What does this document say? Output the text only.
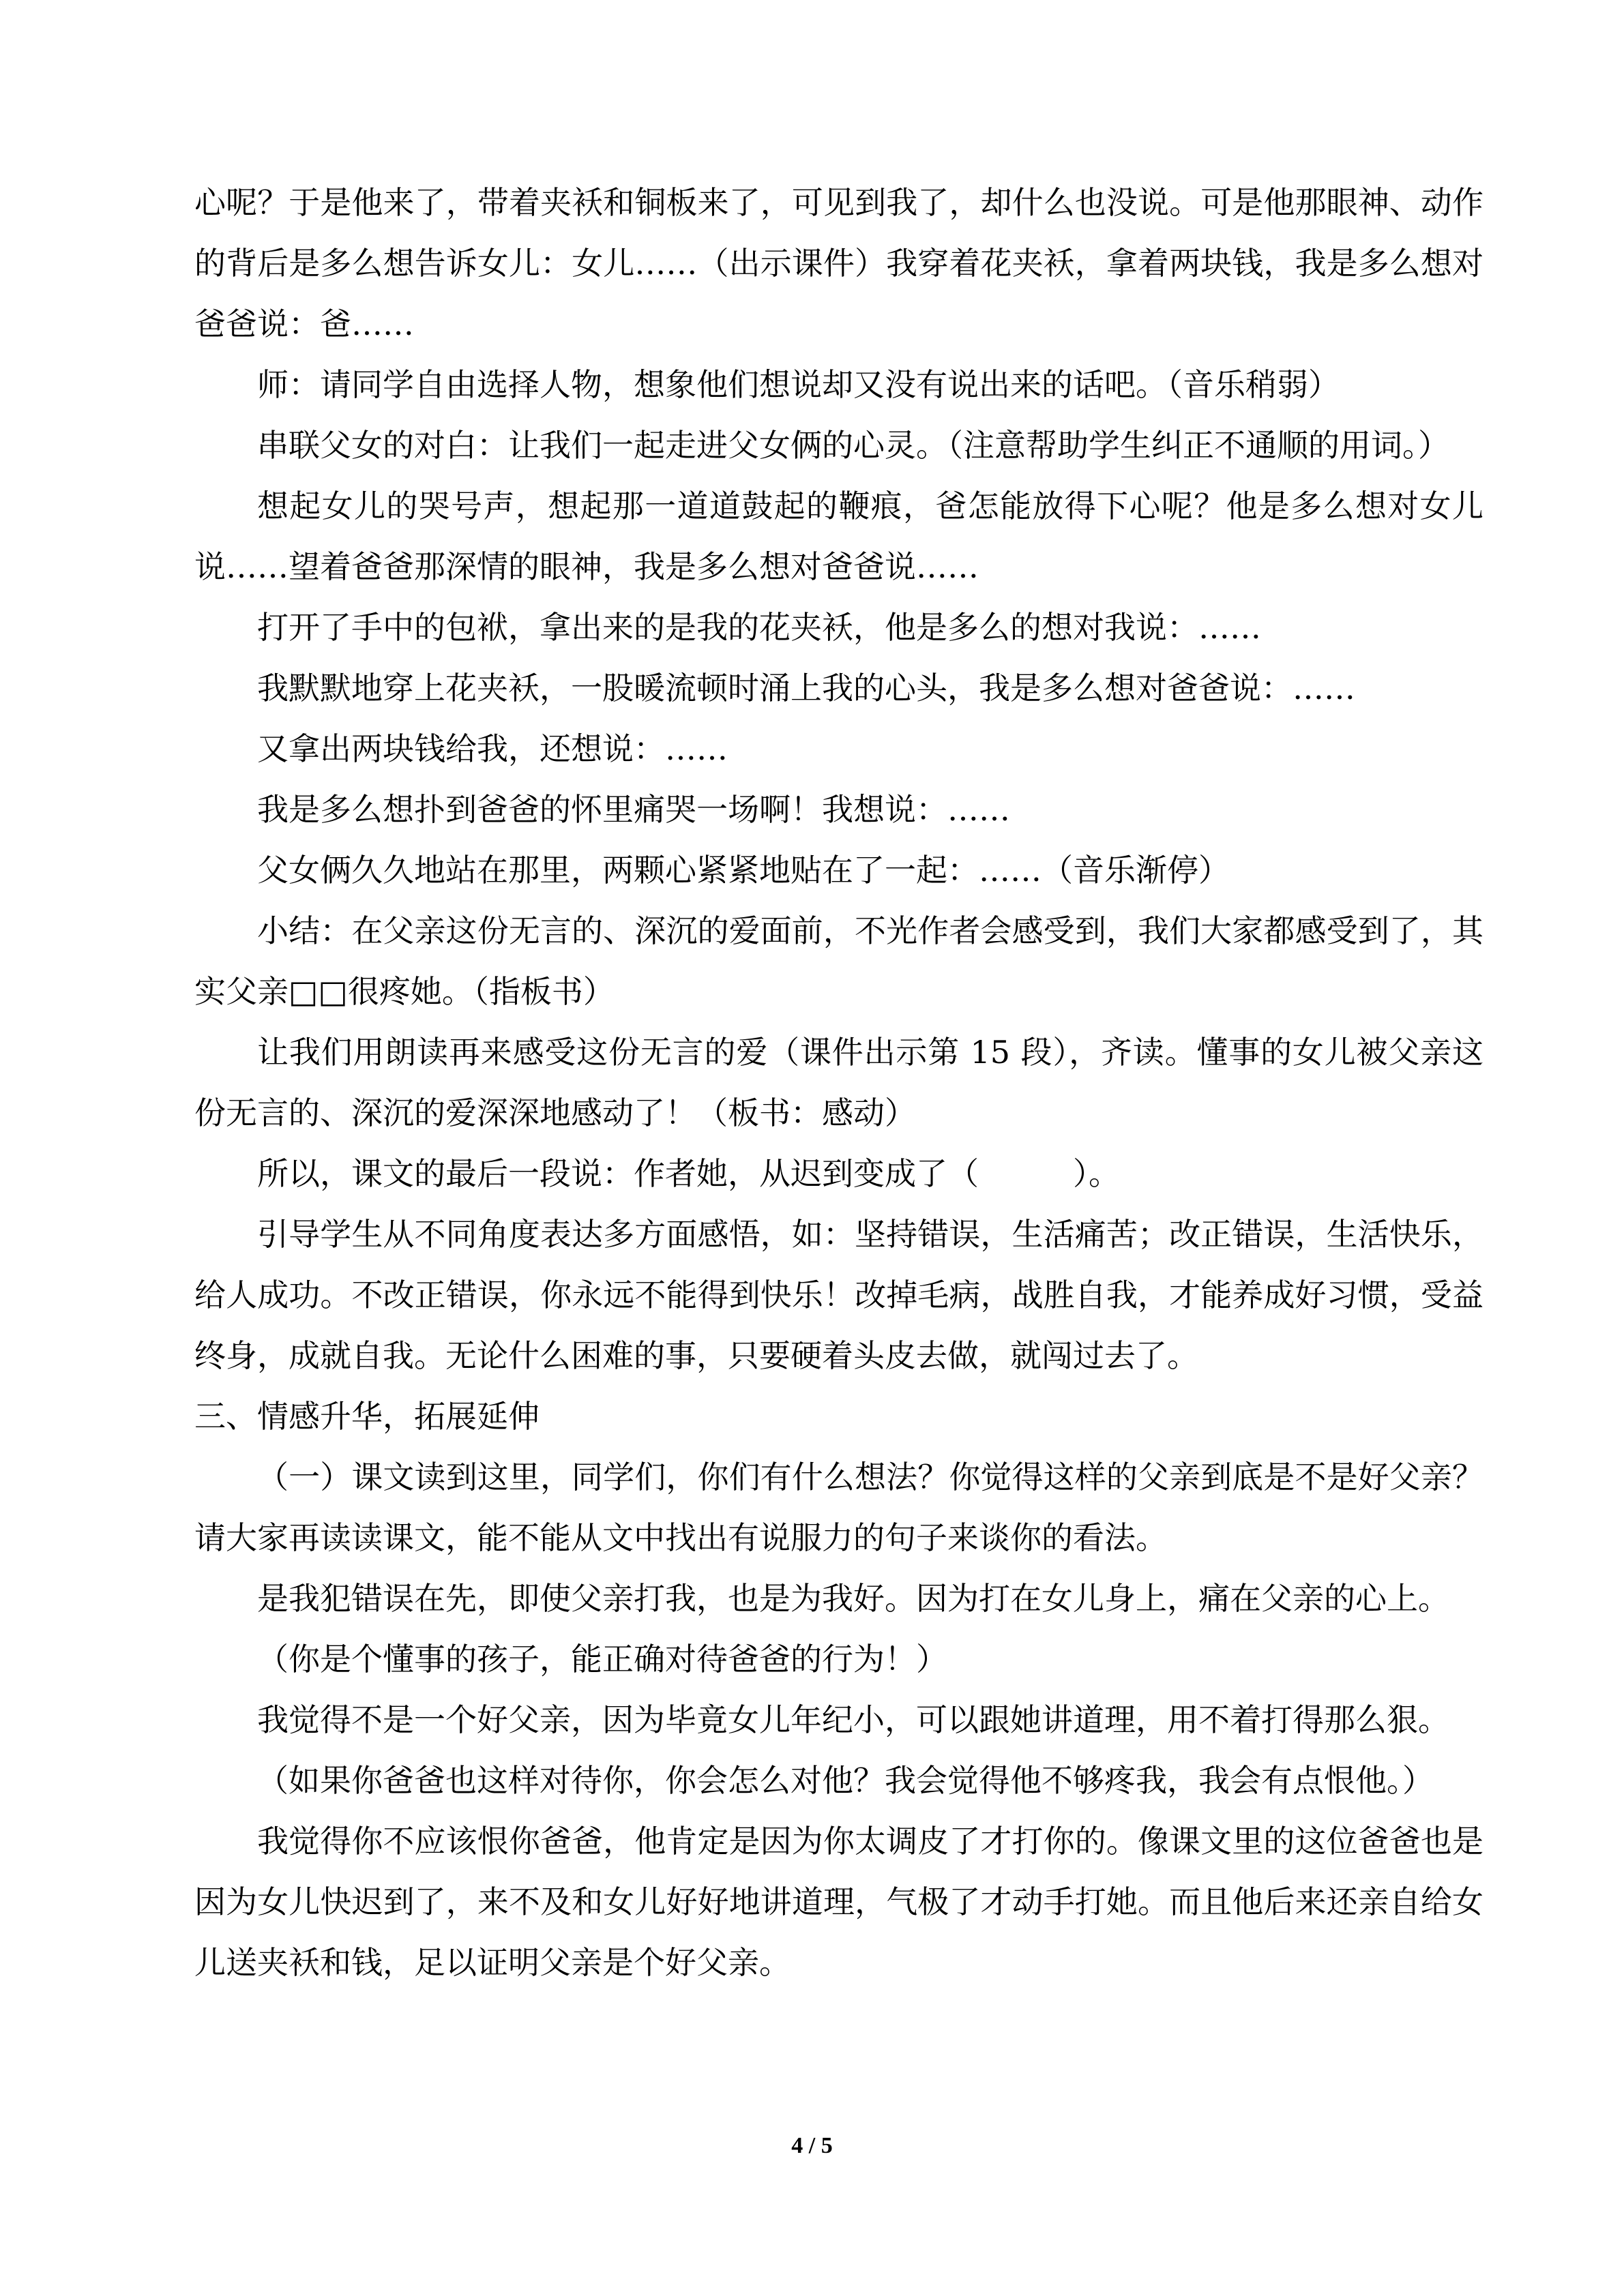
心呢？于是他来了，带着夹袄和铜板来了，可见到我了，却什么也没说。可是他那眼神、动作的背后是多么想告诉女儿：女儿……（出示课件）我穿着花夹袄，拿着两块钱，我是多么想对爸爸说：爸……

师：请同学自由选择人物，想象他们想说却又没有说出来的话吧。（音乐稍弱）

串联父女的对白：让我们一起走进父女俩的心灵。（注意帮助学生纠正不通顺的用词。）

想起女儿的哭号声，想起那一道道鼓起的鞭痕，爸怎能放得下心呢？他是多么想对女儿说……望着爸爸那深情的眼神，我是多么想对爸爸说……

打开了手中的包袱，拿出来的是我的花夹袄，他是多么的想对我说：……

我默默地穿上花夹袄，一股暖流顿时涌上我的心头，我是多么想对爸爸说：……

又拿出两块钱给我，还想说：……

我是多么想扑到爸爸的怀里痛哭一场啊！我想说：……

父女俩久久地站在那里，两颗心紧紧地贴在了一起：……（音乐渐停）

小结：在父亲这份无言的、深沉的爱面前，不光作者会感受到，我们大家都感受到了，其实父亲□□很疼她。（指板书）

让我们用朗读再来感受这份无言的爱（课件出示第 15 段），齐读。懂事的女儿被父亲这份无言的、深沉的爱深深地感动了！（板书：感动）

所以，课文的最后一段说：作者她，从迟到变成了（　　　）。

引导学生从不同角度表达多方面感悟，如：坚持错误，生活痛苦；改正错误，生活快乐，给人成功。不改正错误，你永远不能得到快乐！改掉毛病，战胜自我，才能养成好习惯，受益终身，成就自我。无论什么困难的事，只要硬着头皮去做，就闯过去了。

三、情感升华，拓展延伸

（一）课文读到这里，同学们，你们有什么想法？你觉得这样的父亲到底是不是好父亲？请大家再读读课文，能不能从文中找出有说服力的句子来谈你的看法。

是我犯错误在先，即使父亲打我，也是为我好。因为打在女儿身上，痛在父亲的心上。

（你是个懂事的孩子，能正确对待爸爸的行为！）

我觉得不是一个好父亲，因为毕竟女儿年纪小，可以跟她讲道理，用不着打得那么狠。

（如果你爸爸也这样对待你，你会怎么对他？我会觉得他不够疼我，我会有点恨他。）

我觉得你不应该恨你爸爸，他肯定是因为你太调皮了才打你的。像课文里的这位爸爸也是因为女儿快迟到了，来不及和女儿好好地讲道理，气极了才动手打她。而且他后来还亲自给女儿送夹袄和钱，足以证明父亲是个好父亲。

4 / 5
